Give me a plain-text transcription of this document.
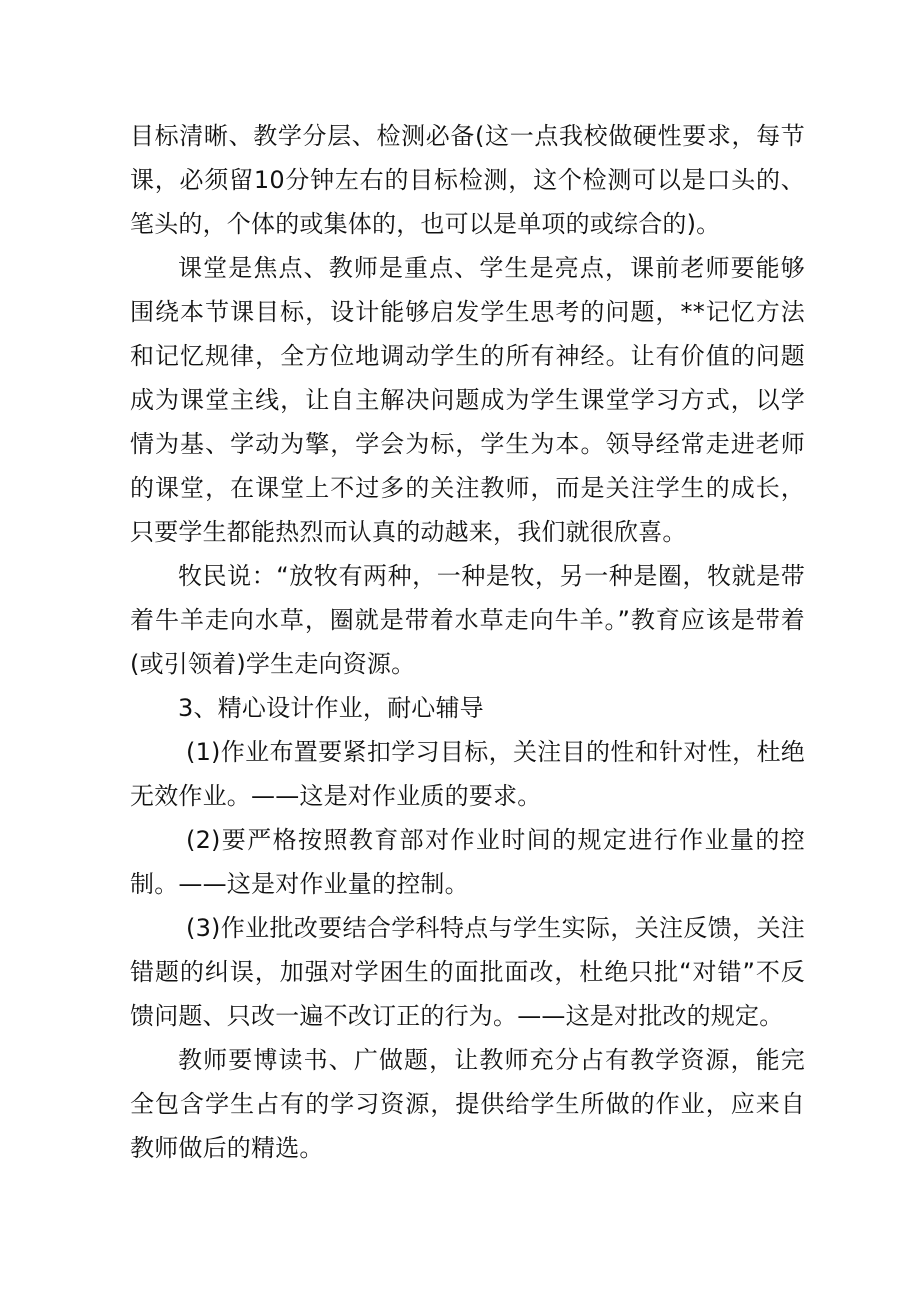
目标清晰、教学分层、检测必备(这一点我校做硬性要求，每节课，必须留10分钟左右的目标检测，这个检测可以是口头的、笔头的，个体的或集体的，也可以是单项的或综合的)。

课堂是焦点、教师是重点、学生是亮点，课前老师要能够围绕本节课目标，设计能够启发学生思考的问题，**记忆方法和记忆规律，全方位地调动学生的所有神经。让有价值的问题成为课堂主线，让自主解决问题成为学生课堂学习方式，以学情为基、学动为擎，学会为标，学生为本。领导经常走进老师的课堂，在课堂上不过多的关注教师，而是关注学生的成长，只要学生都能热烈而认真的动越来，我们就很欣喜。

牧民说：“放牧有两种，一种是牧，另一种是圈，牧就是带着牛羊走向水草，圈就是带着水草走向牛羊。”教育应该是带着(或引领着)学生走向资源。

3、精心设计作业，耐心辅导

(1)作业布置要紧扣学习目标，关注目的性和针对性，杜绝无效作业。——这是对作业质的要求。

(2)要严格按照教育部对作业时间的规定进行作业量的控制。——这是对作业量的控制。

(3)作业批改要结合学科特点与学生实际，关注反馈，关注错题的纠误，加强对学困生的面批面改，杜绝只批“对错”不反馈问题、只改一遍不改订正的行为。——这是对批改的规定。

教师要博读书、广做题，让教师充分占有教学资源，能完全包含学生占有的学习资源，提供给学生所做的作业，应来自教师做后的精选。
